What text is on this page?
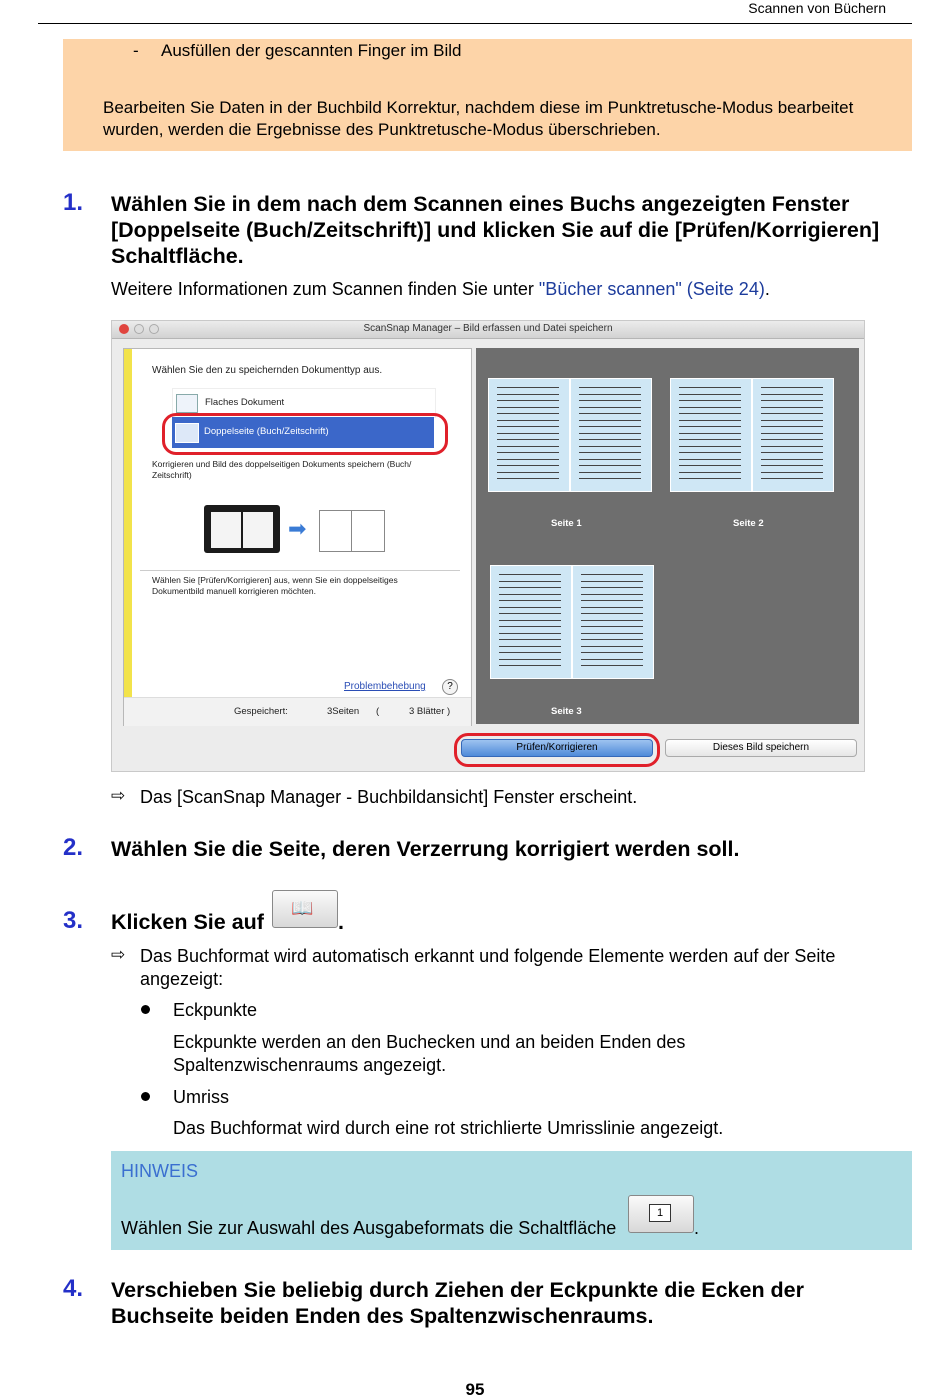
Scannen von Büchern
- Ausfüllen der gescannten Finger im Bild
Bearbeiten Sie Daten in der Buchbild Korrektur, nachdem diese im Punktretusche-Modus bearbeitet wurden, werden die Ergebnisse des Punktretusche-Modus überschrieben.
1. Wählen Sie in dem nach dem Scannen eines Buchs angezeigten Fenster [Doppelseite (Buch/Zeitschrift)] und klicken Sie auf die [Prüfen/Korrigieren] Schaltfläche.
Weitere Informationen zum Scannen finden Sie unter "Bücher scannen" (Seite 24).
ScanSnap Manager – Bild erfassen und Datei speichern
Wählen Sie den zu speichernden Dokumenttyp aus.
Flaches Dokument
Doppelseite (Buch/Zeitschrift)
Korrigieren und Bild des doppelseitigen Dokuments speichern (Buch/ Zeitschrift)
➡
Wählen Sie [Prüfen/Korrigieren] aus, wenn Sie ein doppelseitiges Dokumentbild manuell korrigieren möchten.
Problembehebung	?
Gespeichert:	3Seiten (	3 Blätter )
Seite 1	Seite 2
Seite 3
Prüfen/Korrigieren	Dieses Bild speichern
⇨ Das [ScanSnap Manager - Buchbildansicht] Fenster erscheint.
2. Wählen Sie die Seite, deren Verzerrung korrigiert werden soll.
3. Klicken Sie auf
📖
.
⇨ Das Buchformat wird automatisch erkannt und folgende Elemente werden auf der Seite angezeigt:
Eckpunkte
Eckpunkte werden an den Buchecken und an beiden Enden des Spaltenzwischenraums angezeigt.
Umriss
Das Buchformat wird durch eine rot strichlierte Umrisslinie angezeigt.
HINWEIS
Wählen Sie zur Auswahl des Ausgabeformats die Schaltfläche
1
.
4. Verschieben Sie beliebig durch Ziehen der Eckpunkte die Ecken der Buchseite beiden Enden des Spaltenzwischenraums.
95
